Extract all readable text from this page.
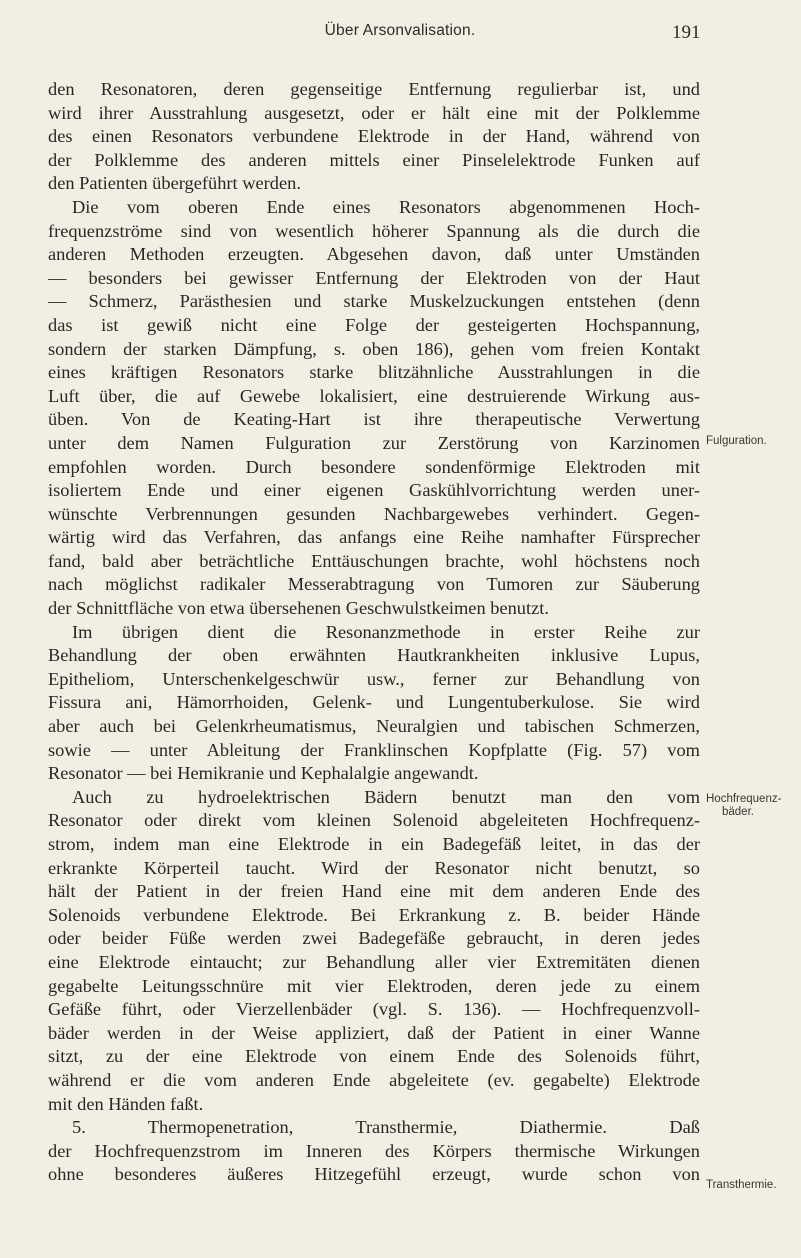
Über Arsonvalisation.	191
den Resonatoren, deren gegenseitige Entfernung regulierbar ist, und
wird ihrer Ausstrahlung ausgesetzt, oder er hält eine mit der Polklemme
des einen Resonators verbundene Elektrode in der Hand, während von
der Polklemme des anderen mittels einer Pinselelektrode Funken auf
den Patienten übergeführt werden.
Die vom oberen Ende eines Resonators abgenommenen Hoch-
frequenzströme sind von wesentlich höherer Spannung als die durch die
anderen Methoden erzeugten. Abgesehen davon, daß unter Umständen
— besonders bei gewisser Entfernung der Elektroden von der Haut
— Schmerz, Parästhesien und starke Muskelzuckungen entstehen (denn
das ist gewiß nicht eine Folge der gesteigerten Hochspannung,
sondern der starken Dämpfung, s. oben 186), gehen vom freien Kontakt
eines kräftigen Resonators starke blitzähnliche Ausstrahlungen in die
Luft über, die auf Gewebe lokalisiert, eine destruierende Wirkung aus-
üben. Von de Keating-Hart ist ihre therapeutische Verwertung
unter dem Namen Fulguration zur Zerstörung von Karzinomen
empfohlen worden. Durch besondere sondenförmige Elektroden mit
isoliertem Ende und einer eigenen Gaskühlvorrichtung werden uner-
wünschte Verbrennungen gesunden Nachbargewebes verhindert. Gegen-
wärtig wird das Verfahren, das anfangs eine Reihe namhafter Fürsprecher
fand, bald aber beträchtliche Enttäuschungen brachte, wohl höchstens noch
nach möglichst radikaler Messerabtragung von Tumoren zur Säuberung
der Schnittfläche von etwa übersehenen Geschwulstkeimen benutzt.
Im übrigen dient die Resonanzmethode in erster Reihe zur
Behandlung der oben erwähnten Hautkrankheiten inklusive Lupus,
Epitheliom, Unterschenkelgeschwür usw., ferner zur Behandlung von
Fissura ani, Hämorrhoiden, Gelenk- und Lungentuberkulose. Sie wird
aber auch bei Gelenkrheumatismus, Neuralgien und tabischen Schmerzen,
sowie — unter Ableitung der Franklinschen Kopfplatte (Fig. 57) vom
Resonator — bei Hemikranie und Kephalalgie angewandt.
Auch zu hydroelektrischen Bädern benutzt man den vom
Resonator oder direkt vom kleinen Solenoid abgeleiteten Hochfrequenz-
strom, indem man eine Elektrode in ein Badegefäß leitet, in das der
erkrankte Körperteil taucht. Wird der Resonator nicht benutzt, so
hält der Patient in der freien Hand eine mit dem anderen Ende des
Solenoids verbundene Elektrode. Bei Erkrankung z. B. beider Hände
oder beider Füße werden zwei Badegefäße gebraucht, in deren jedes
eine Elektrode eintaucht; zur Behandlung aller vier Extremitäten dienen
gegabelte Leitungsschnüre mit vier Elektroden, deren jede zu einem
Gefäße führt, oder Vierzellenbäder (vgl. S. 136). — Hochfrequenzvoll-
bäder werden in der Weise appliziert, daß der Patient in einer Wanne
sitzt, zu der eine Elektrode von einem Ende des Solenoids führt,
während er die vom anderen Ende abgeleitete (ev. gegabelte) Elektrode
mit den Händen faßt.
5. Thermopenetration, Transthermie, Diathermie. Daß
der Hochfrequenzstrom im Inneren des Körpers thermische Wirkungen
ohne besonderes äußeres Hitzegefühl erzeugt, wurde schon von
Fulguration.
Hochfrequenz-
bäder.
Transthermie.
